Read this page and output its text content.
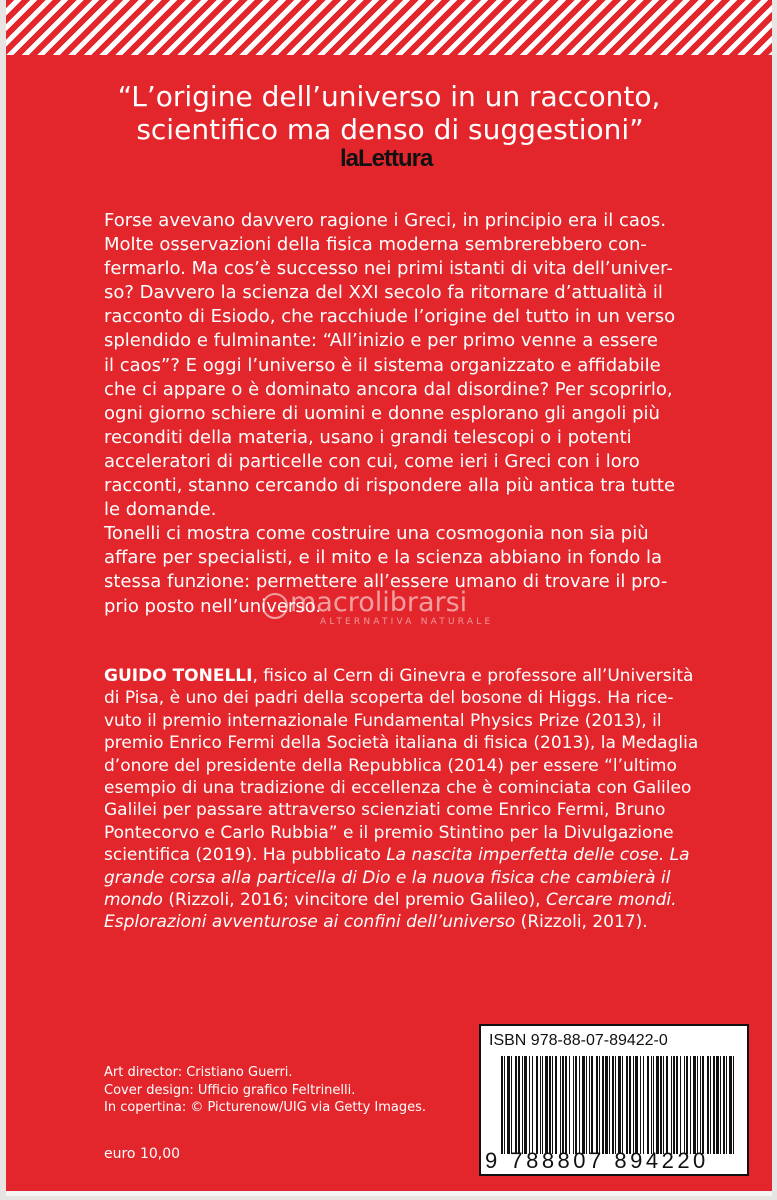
“L’origine dell’universo in un racconto,
scientifico ma denso di suggestioni”
laLettura

Forse avevano davvero ragione i Greci, in principio era il caos.

Molte osservazioni della fisica moderna sembrerebbero con-

fermarlo. Ma cos’è successo nei primi istanti di vita dell’univer-

so? Davvero la scienza del XXI secolo fa ritornare d’attualità il

racconto di Esiodo, che racchiude l’origine del tutto in un verso

splendido e fulminante: “All’inizio e per primo venne a essere

il caos”? E oggi l’universo è il sistema organizzato e affidabile

che ci appare o è dominato ancora dal disordine? Per scoprirlo,

ogni giorno schiere di uomini e donne esplorano gli angoli più

reconditi della materia, usano i grandi telescopi o i potenti

acceleratori di particelle con cui, come ieri i Greci con i loro

racconti, stanno cercando di rispondere alla più antica tra tutte

le domande.

Tonelli ci mostra come costruire una cosmogonia non sia più

affare per specialisti, e il mito e la scienza abbiano in fondo la

stessa funzione: permettere all’essere umano di trovare il pro-

prio posto nell’universo.

macrolibrarsi
ALTERNATIVA NATURALE

GUIDO TONELLI, fisico al Cern di Ginevra e professore all’Università

di Pisa, è uno dei padri della scoperta del bosone di Higgs. Ha rice-

vuto il premio internazionale Fundamental Physics Prize (2013), il

premio Enrico Fermi della Società italiana di fisica (2013), la Medaglia

d’onore del presidente della Repubblica (2014) per essere “l’ultimo

esempio di una tradizione di eccellenza che è cominciata con Galileo

Galilei per passare attraverso scienziati come Enrico Fermi, Bruno

Pontecorvo e Carlo Rubbia” e il premio Stintino per la Divulgazione

scientifica (2019). Ha pubblicato La nascita imperfetta delle cose. La

grande corsa alla particella di Dio e la nuova fisica che cambierà il

mondo (Rizzoli, 2016; vincitore del premio Galileo), Cercare mondi.

Esplorazioni avventurose ai confini dell’universo (Rizzoli, 2017).

Art director: Cristiano Guerri.

Cover design: Ufficio grafico Feltrinelli.

In copertina: © Picturenow/UIG via Getty Images.

euro 10,00
ISBN 978-88-07-89422-0
9 788807 894220
